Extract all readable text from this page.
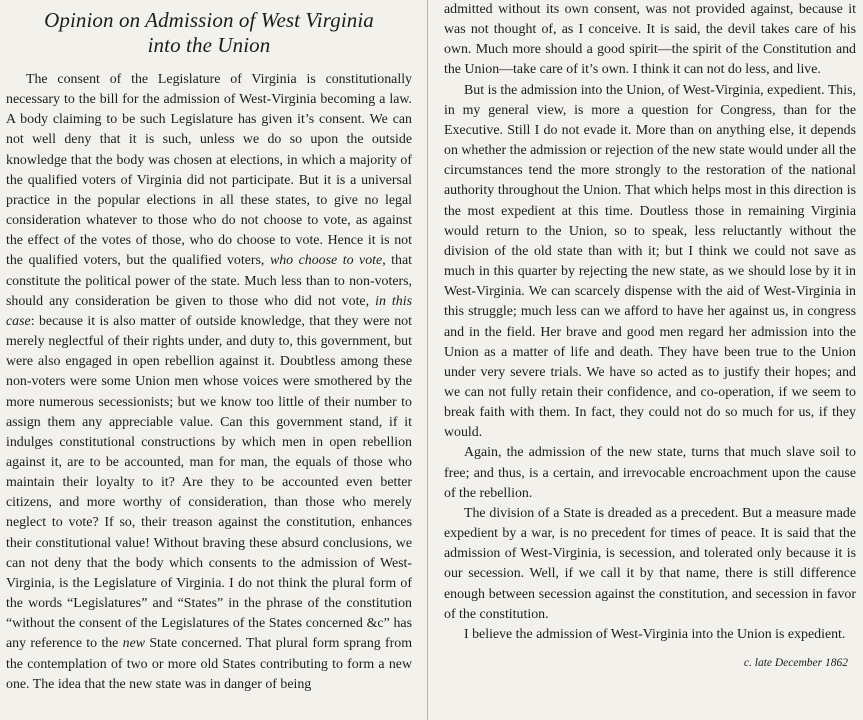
Opinion on Admission of West Virginia
into the Union

The consent of the Legislature of Virginia is constitutionally necessary to the bill for the admission of West-Virginia becoming a law. A body claiming to be such Legislature has given it’s consent. We can not well deny that it is such, unless we do so upon the outside knowledge that the body was chosen at elections, in which a majority of the qualified voters of Virginia did not participate. But it is a universal practice in the popular elections in all these states, to give no legal consideration whatever to those who do not choose to vote, as against the effect of the votes of those, who do choose to vote. Hence it is not the qualified voters, but the qualified voters, who choose to vote, that constitute the political power of the state. Much less than to non-voters, should any consideration be given to those who did not vote, in this case: because it is also matter of outside knowledge, that they were not merely neglectful of their rights under, and duty to, this government, but were also engaged in open rebellion against it. Doubtless among these non-voters were some Union men whose voices were smothered by the more numerous secessionists; but we know too little of their number to assign them any appreciable value. Can this government stand, if it indulges constitutional constructions by which men in open rebellion against it, are to be accounted, man for man, the equals of those who maintain their loyalty to it? Are they to be accounted even better citizens, and more worthy of consideration, than those who merely neglect to vote? If so, their treason against the constitution, enhances their constitutional value! Without braving these absurd conclusions, we can not deny that the body which consents to the admission of West-Virginia, is the Legislature of Virginia. I do not think the plural form of the words “Legislatures” and “States” in the phrase of the constitution “without the consent of the Legislatures of the States concerned &c” has any reference to the new State concerned. That plural form sprang from the contemplation of two or more old States contributing to form a new one. The idea that the new state was in danger of being

admitted without its own consent, was not provided against, because it was not thought of, as I conceive. It is said, the devil takes care of his own. Much more should a good spirit—the spirit of the Constitution and the Union—take care of it’s own. I think it can not do less, and live.

But is the admission into the Union, of West-Virginia, expedient. This, in my general view, is more a question for Congress, than for the Executive. Still I do not evade it. More than on anything else, it depends on whether the admission or rejection of the new state would under all the circumstances tend the more strongly to the restoration of the national authority throughout the Union. That which helps most in this direction is the most expedient at this time. Doutless those in remaining Virginia would return to the Union, so to speak, less reluctantly without the division of the old state than with it; but I think we could not save as much in this quarter by rejecting the new state, as we should lose by it in West-Virginia. We can scarcely dispense with the aid of West-Virginia in this struggle; much less can we afford to have her against us, in congress and in the field. Her brave and good men regard her admission into the Union as a matter of life and death. They have been true to the Union under very severe trials. We have so acted as to justify their hopes; and we can not fully retain their confidence, and co-operation, if we seem to break faith with them. In fact, they could not do so much for us, if they would.

Again, the admission of the new state, turns that much slave soil to free; and thus, is a certain, and irrevocable encroachment upon the cause of the rebellion.

The division of a State is dreaded as a precedent. But a measure made expedient by a war, is no precedent for times of peace. It is said that the admission of West-Virginia, is secession, and tolerated only because it is our secession. Well, if we call it by that name, there is still difference enough between secession against the constitution, and secession in favor of the constitution.

I believe the admission of West-Virginia into the Union is expedient.

c. late December 1862
